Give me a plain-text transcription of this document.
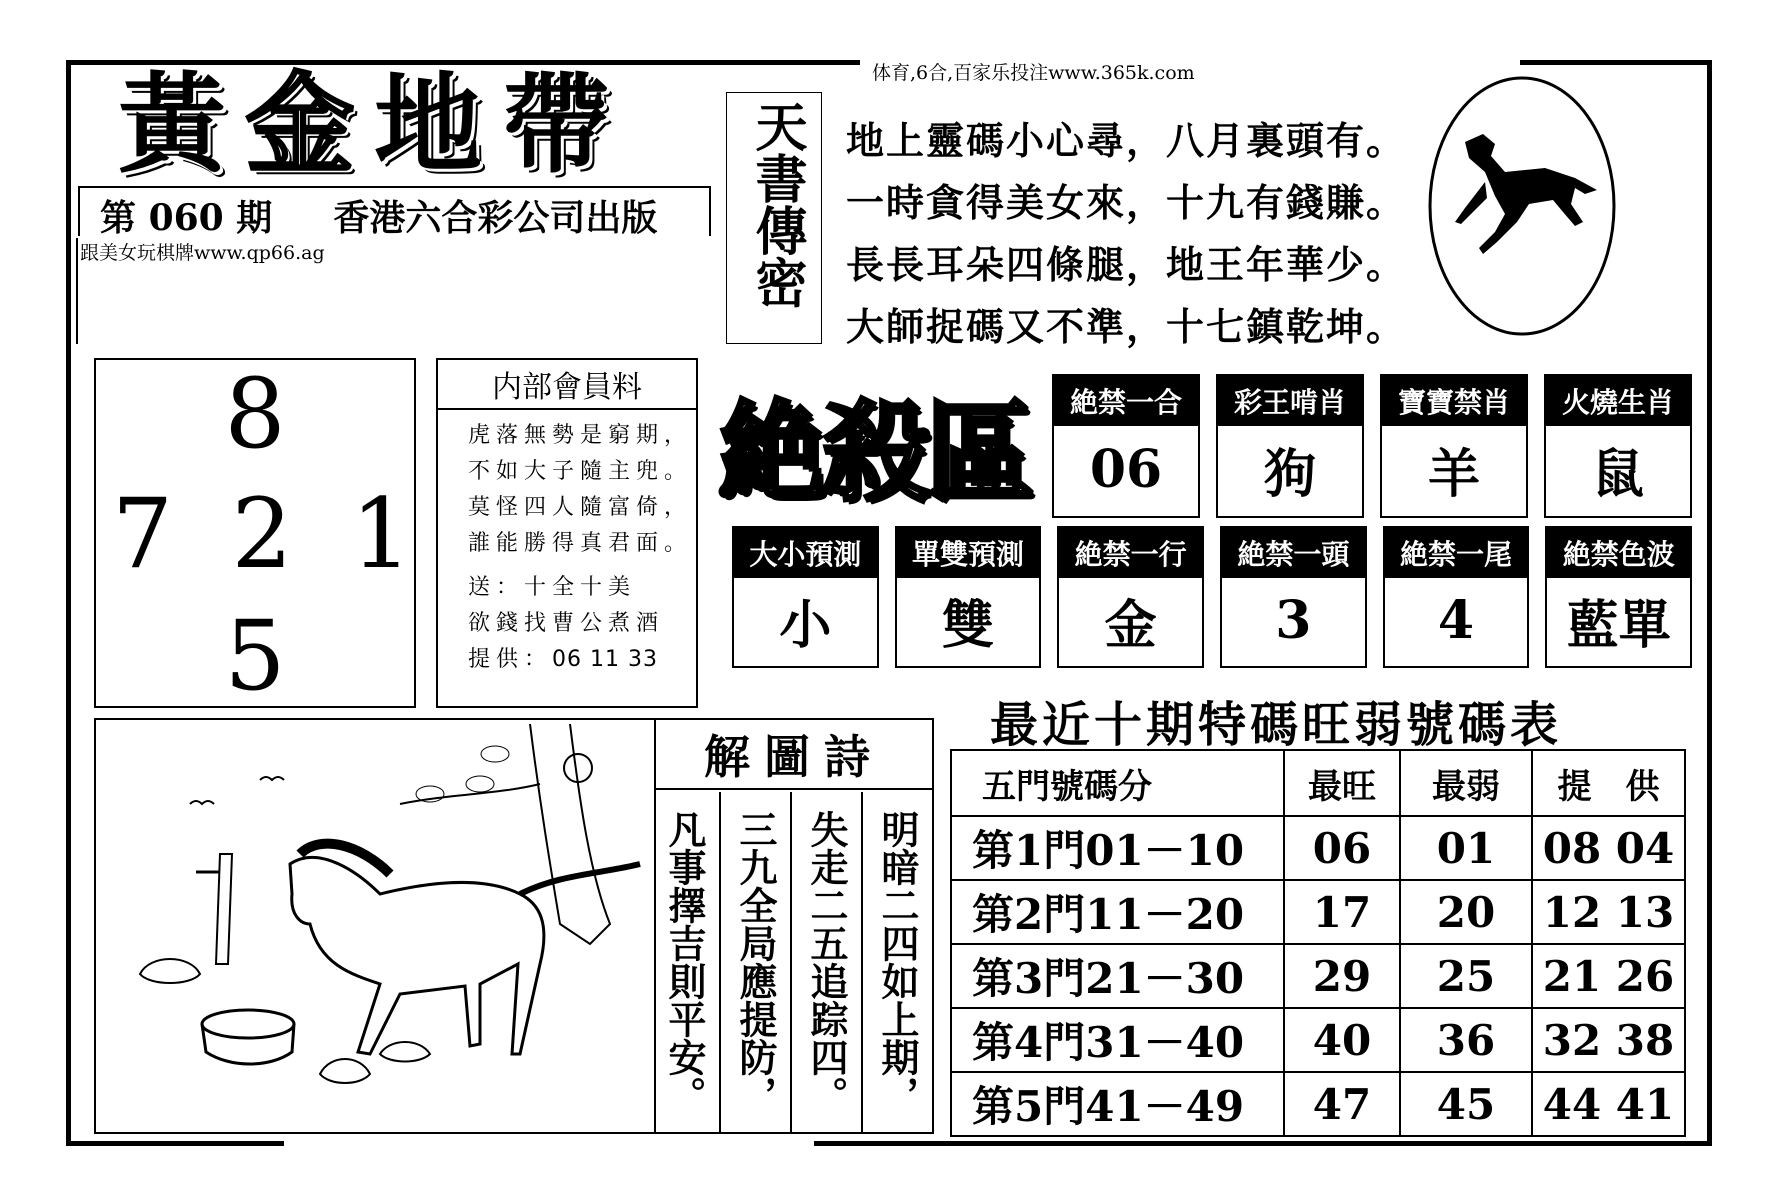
黃 金 地 帶	体育,6合,百家乐投注www.365k.com
第 060 期 香港六合彩公司出版
跟美女玩棋牌www.qp66.ag	天書傳密 地上靈碼小心尋，八月裏頭有。
一時貪得美女來，十九有錢賺。
長長耳朵四條腿，地王年華少。
大師捉碼又不準，十七鎮乾坤。
8
7 2 1
5
内部會員料
虎落無勢是窮期，
不如大子隨主兜。
莫怪四人隨富倚，
誰能勝得真君面。
送：十全十美
欲錢找曹公煮酒
提供：06 11 33
絶殺區	絶禁一合
06
彩王啃肖
狗
寶寶禁肖
羊
火燒生肖
鼠
大小預測
小
單雙預測
雙
絶禁一行
金
絶禁一頭
3
絶禁一尾
4
絶禁色波
藍單
解圖詩
明暗二四如上期，
失走二五追踪四。
三九全局應提防，
凡事擇吉則平安。
最近十期特碼旺弱號碼表
五門號碼分	最旺	最弱	提　供
第1門01－10	06	01	08 04
第2門11－20	17	20	12 13
第3門21－30	29	25	21 26
第4門31－40	40	36	32 38
第5門41－49	47	45	44 41
